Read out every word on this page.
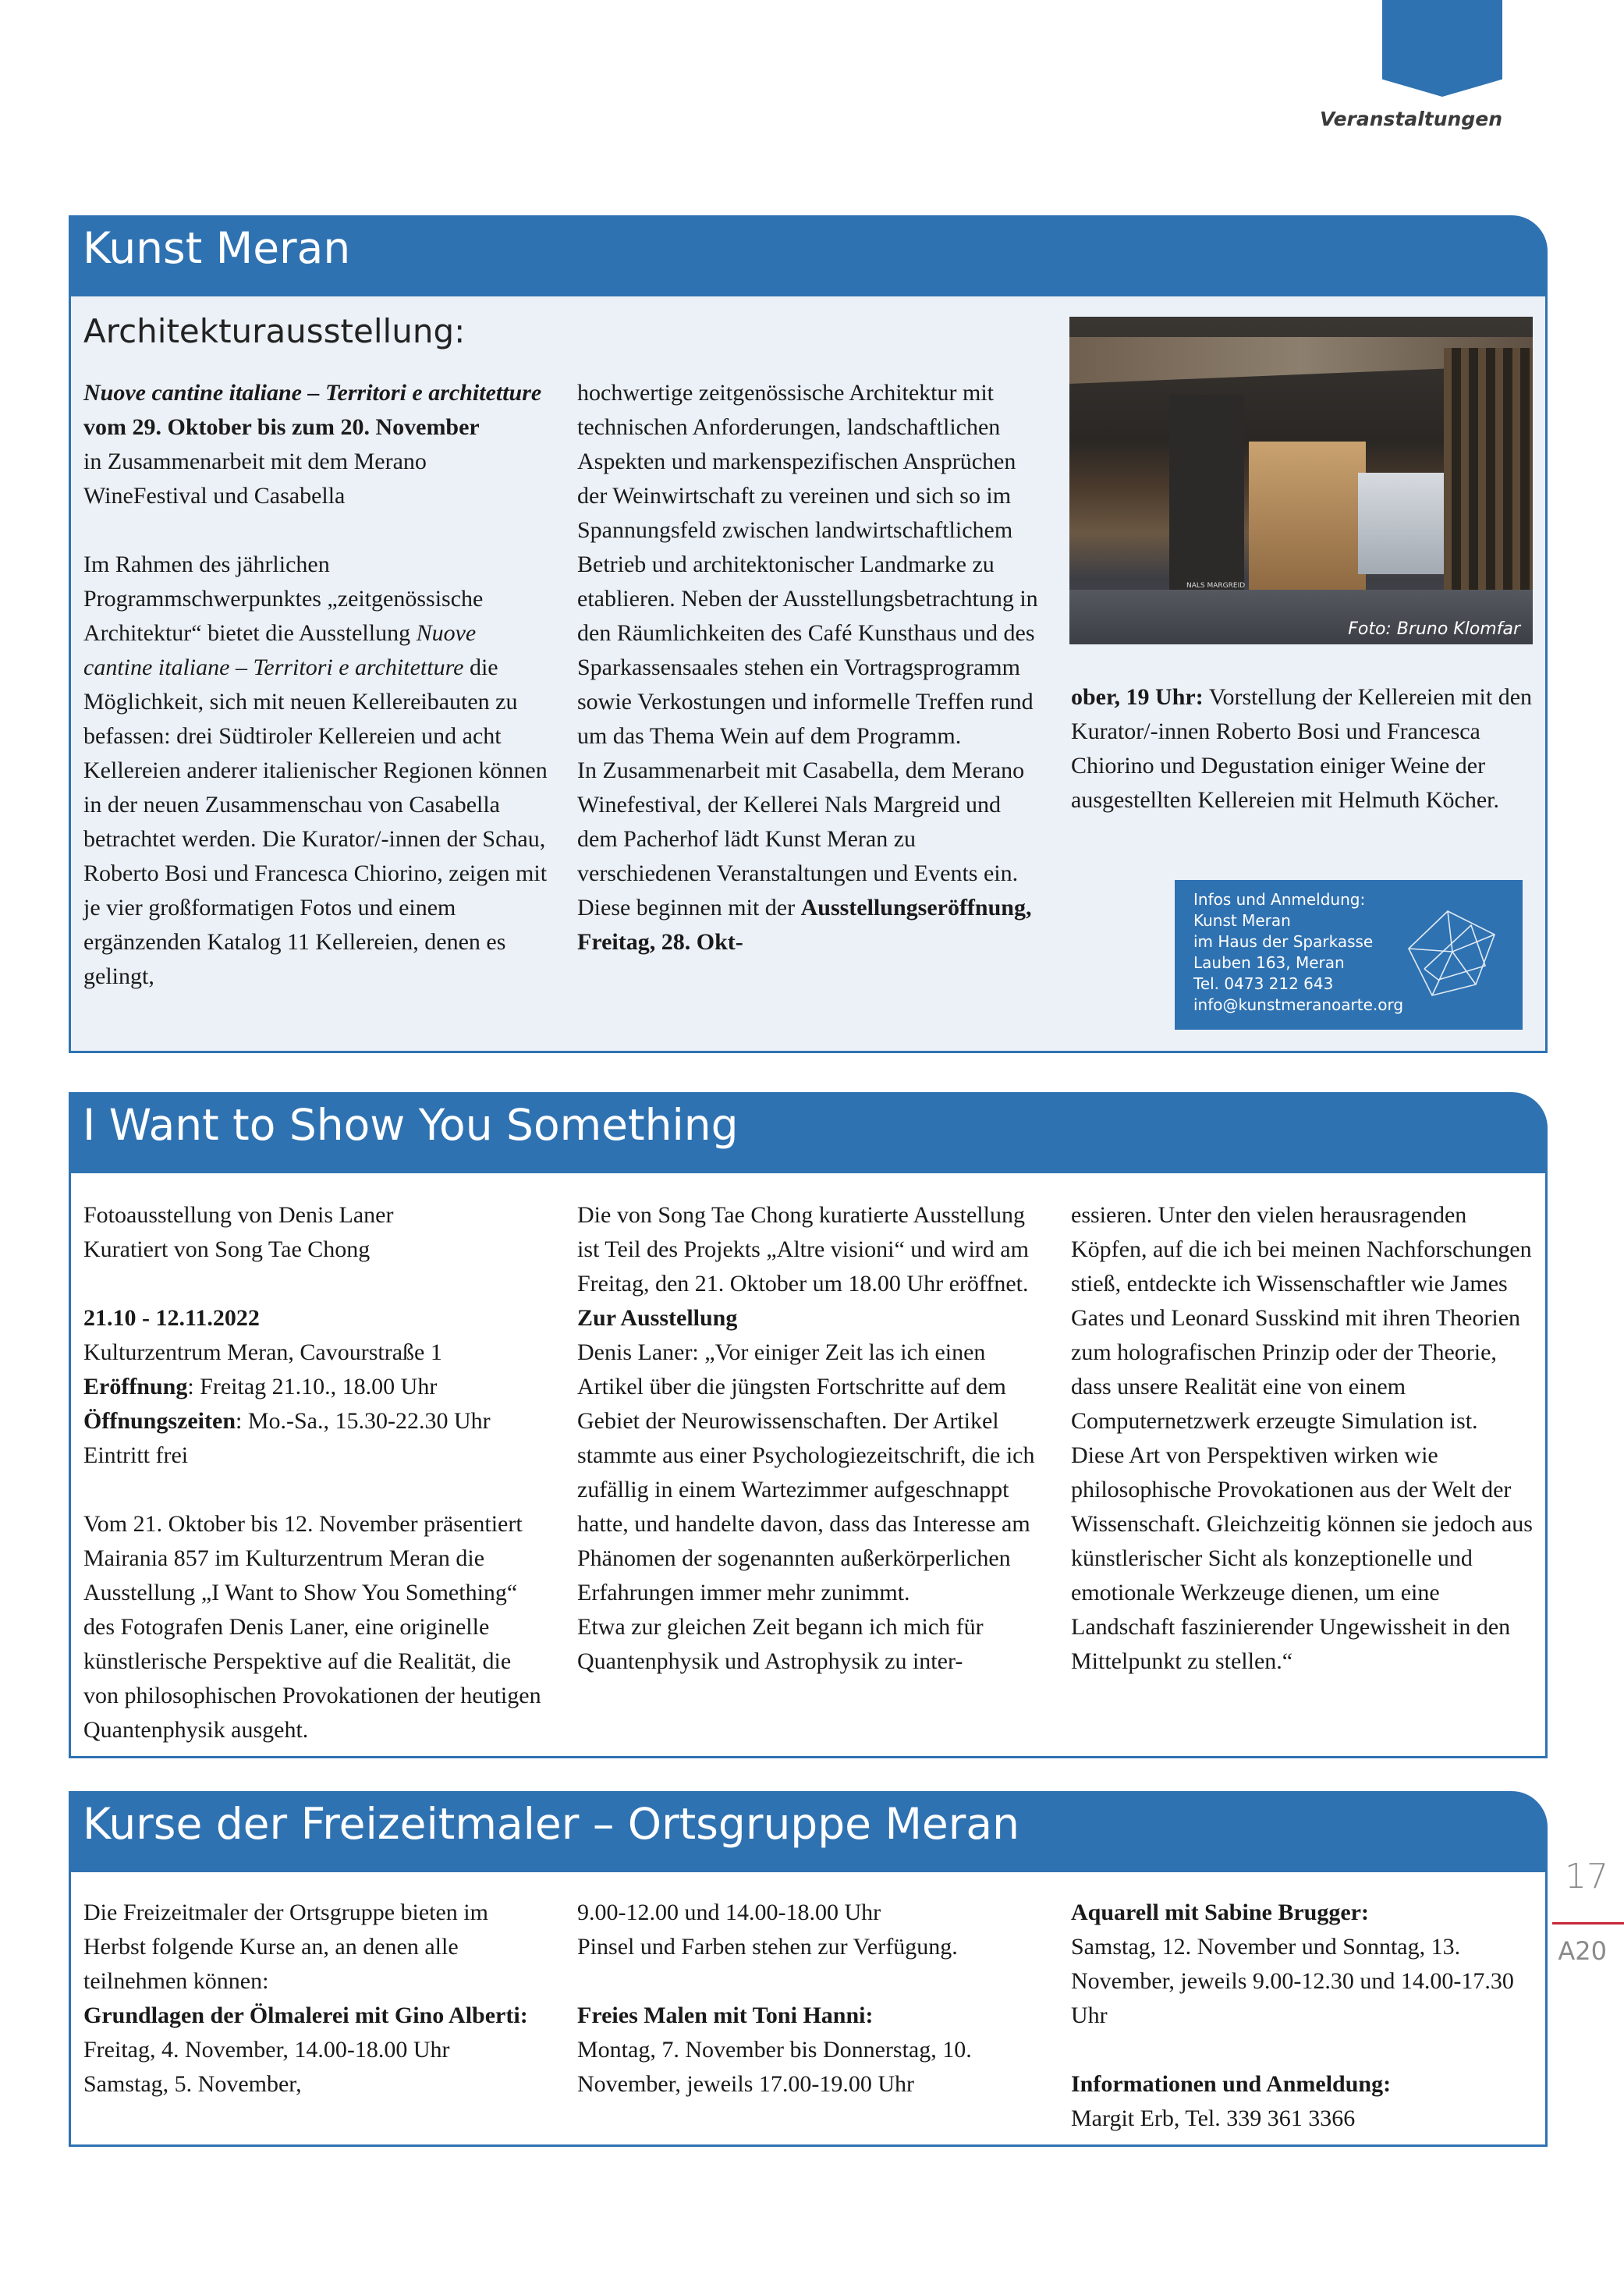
Veranstaltungen
Kunst Meran
Architekturausstellung:

Nuove cantine italiane – Territori e architetture

vom 29. Oktober bis zum 20. November

in Zusammenarbeit mit dem Merano WineFestival und Casabella

Im Rahmen des jährlichen Programmschwerpunktes „zeitgenössische Architektur“ bietet die Ausstellung Nuove cantine italiane – Territori e architetture die Möglichkeit, sich mit neuen Kellereibauten zu befassen: drei Südtiroler Kellereien und acht Kellereien anderer italienischer Regionen können in der neuen Zusammenschau von Casabella betrachtet werden. Die Kurator/-innen der Schau, Roberto Bosi und Francesca Chiorino, zeigen mit je vier großformatigen Fotos und einem ergänzenden Katalog 11 Kellereien, denen es gelingt,

hochwertige zeitgenössische Architektur mit technischen Anforderungen, landschaftlichen Aspekten und markenspezifischen Ansprüchen der Weinwirtschaft zu vereinen und sich so im Spannungsfeld zwischen landwirtschaftlichem Betrieb und architektonischer Landmarke zu etablieren. Neben der Ausstellungsbetrachtung in den Räumlichkeiten des Café Kunsthaus und des Sparkassensaales stehen ein Vortragsprogramm sowie Verkostungen und informelle Treffen rund um das Thema Wein auf dem Programm.

In Zusammenarbeit mit Casabella, dem Merano Winefestival, der Kellerei Nals Margreid und dem Pacherhof lädt Kunst Meran zu verschiedenen Veranstaltungen und Events ein. Diese beginnen mit der Ausstellungseröffnung, Freitag, 28. Okt-

NALS MARGREID
Foto: Bruno Klomfar

ober, 19 Uhr: Vorstellung der Kellereien mit den Kurator/-innen Roberto Bosi und Francesca Chiorino und Degustation einiger Weine der ausgestellten Kellereien mit Helmuth Köcher.

Infos und Anmeldung:
Kunst Meran
im Haus der Sparkasse
Lauben 163, Meran
Tel. 0473 212 643
info@kunstmeranoarte.org
I Want to Show You Something

Fotoausstellung von Denis Laner

Kuratiert von Song Tae Chong

21.10 - 12.11.2022

Kulturzentrum Meran, Cavourstraße 1

Eröffnung: Freitag 21.10., 18.00 Uhr

Öffnungszeiten: Mo.-Sa., 15.30-22.30 Uhr

Eintritt frei

Vom 21. Oktober bis 12. November präsentiert Mairania 857 im Kulturzentrum Meran die Ausstellung „I Want to Show You Something“ des Fotografen Denis Laner, eine originelle künstlerische Perspektive auf die Realität, die von philosophischen Provokationen der heutigen Quantenphysik ausgeht.

Die von Song Tae Chong kuratierte Ausstellung ist Teil des Projekts „Altre visioni“ und wird am Freitag, den 21. Oktober um 18.00 Uhr eröffnet.

Zur Ausstellung

Denis Laner: „Vor einiger Zeit las ich einen Artikel über die jüngsten Fortschritte auf dem Gebiet der Neurowissenschaften. Der Artikel stammte aus einer Psychologiezeitschrift, die ich zufällig in einem Wartezimmer aufgeschnappt hatte, und handelte davon, dass das Interesse am Phänomen der sogenannten außerkörperlichen Erfahrungen immer mehr zunimmt.

Etwa zur gleichen Zeit begann ich mich für Quantenphysik und Astrophysik zu inter-

essieren. Unter den vielen herausragenden Köpfen, auf die ich bei meinen Nachforschungen stieß, entdeckte ich Wissenschaftler wie James Gates und Leonard Susskind mit ihren Theorien zum holografischen Prinzip oder der Theorie, dass unsere Realität eine von einem Computernetzwerk erzeugte Simulation ist.

Diese Art von Perspektiven wirken wie philosophische Provokationen aus der Welt der Wissenschaft. Gleichzeitig können sie jedoch aus künstlerischer Sicht als konzeptionelle und emotionale Werkzeuge dienen, um eine Landschaft faszinierender Ungewissheit in den Mittelpunkt zu stellen.“

Kurse der Freizeitmaler – Ortsgruppe Meran

Die Freizeitmaler der Ortsgruppe bieten im Herbst folgende Kurse an, an denen alle teilnehmen können:

Grundlagen der Ölmalerei mit Gino Alberti:

Freitag, 4. November, 14.00-18.00 Uhr

Samstag, 5. November,

9.00-12.00 und 14.00-18.00 Uhr

Pinsel und Farben stehen zur Verfügung.

Freies Malen mit Toni Hanni:

Montag, 7. November bis Donnerstag, 10. November, jeweils 17.00-19.00 Uhr

Aquarell mit Sabine Brugger:

Samstag, 12. November und Sonntag, 13. November, jeweils 9.00-12.30 und 14.00-17.30 Uhr

Informationen und Anmeldung:

Margit Erb, Tel. 339 361 3366

17
A20
